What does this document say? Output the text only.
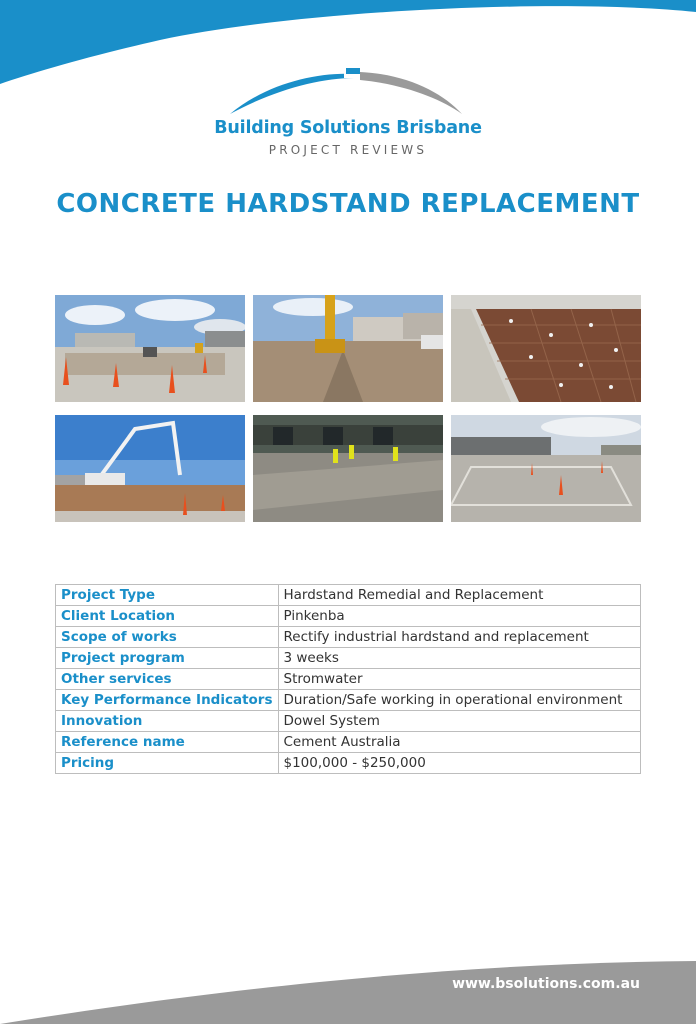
Building Solutions Brisbane
PROJECT REVIEWS
CONCRETE HARDSTAND REPLACEMENT
Project Type	Hardstand Remedial and Replacement
Client Location	Pinkenba
Scope of works	Rectify industrial hardstand and replacement
Project program	3 weeks
Other services	Stromwater
Key Performance Indicators	Duration/Safe working in operational environment
Innovation	Dowel System
Reference name	Cement Australia
Pricing	$100,000 - $250,000
www.bsolutions.com.au
